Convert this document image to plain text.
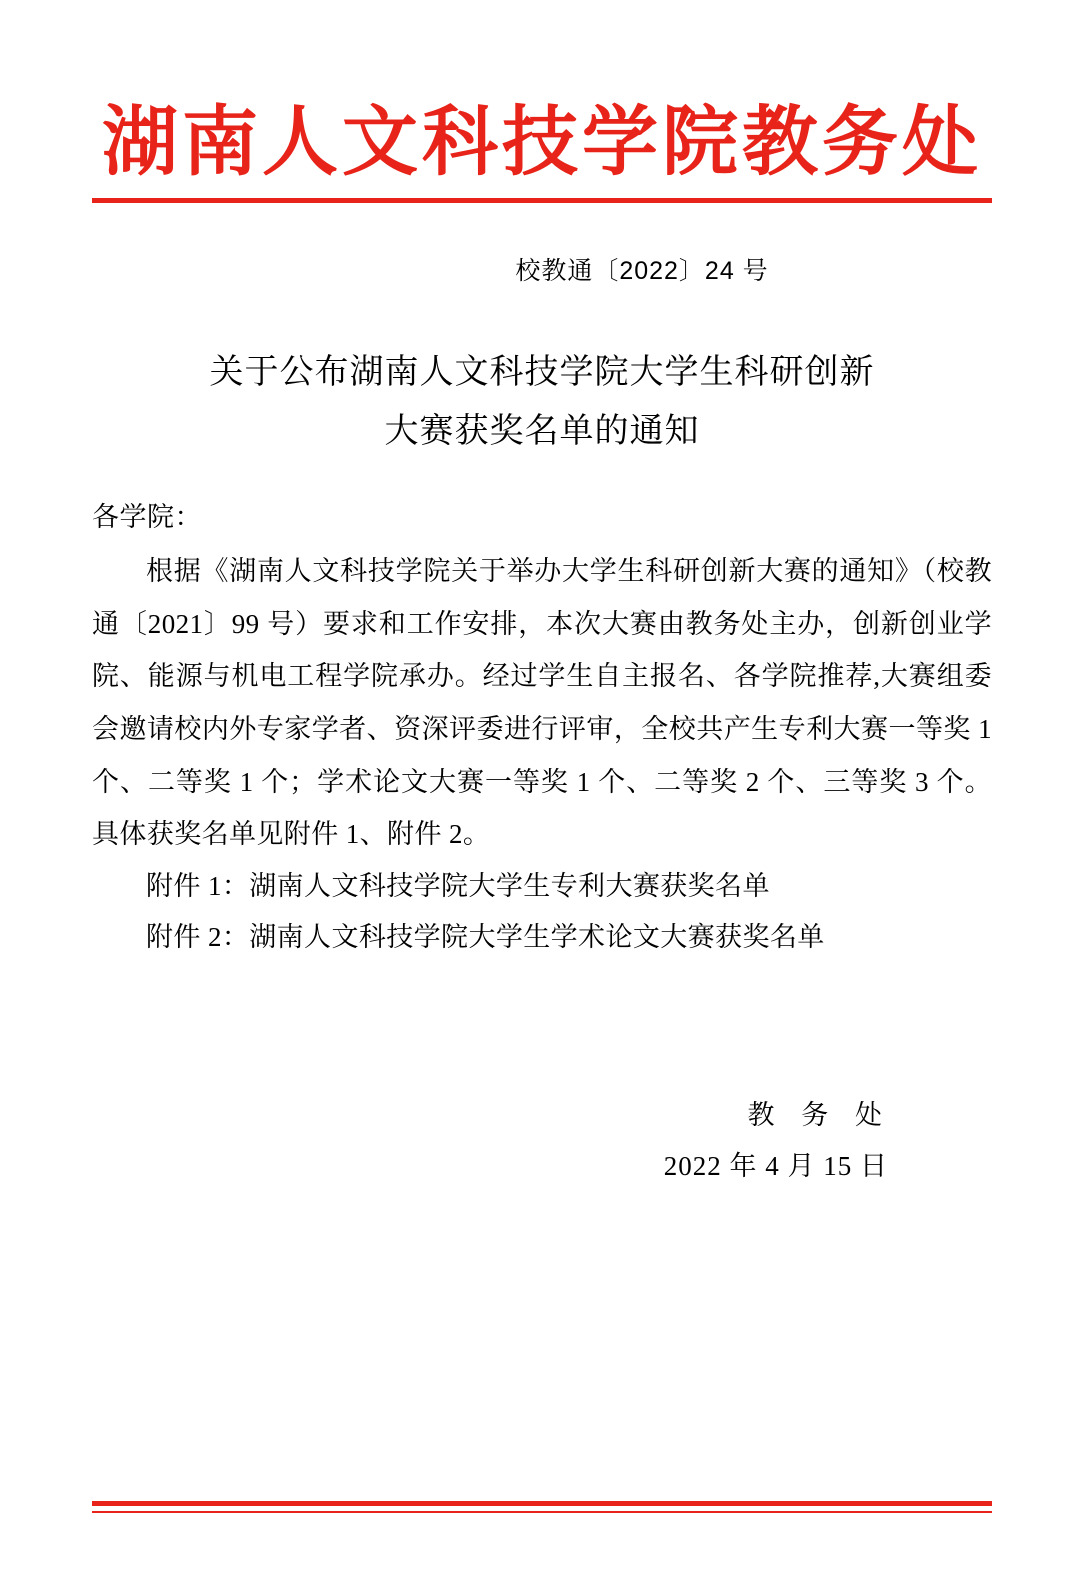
湖南人文科技学院教务处
校教通〔2022〕24 号
关于公布湖南人文科技学院大学生科研创新
大赛获奖名单的通知
各学院：
根据《湖南人文科技学院关于举办大学生科研创新大赛的通知》（校教通〔2021〕99 号）要求和工作安排，本次大赛由教务处主办，创新创业学院、能源与机电工程学院承办。经过学生自主报名、各学院推荐,大赛组委会邀请校内外专家学者、资深评委进行评审，全校共产生专利大赛一等奖 1 个、二等奖 1 个；学术论文大赛一等奖 1 个、二等奖 2 个、三等奖 3 个。具体获奖名单见附件 1、附件 2。
附件 1：湖南人文科技学院大学生专利大赛获奖名单
附件 2：湖南人文科技学院大学生学术论文大赛获奖名单
教 务 处
2022 年 4 月 15 日
